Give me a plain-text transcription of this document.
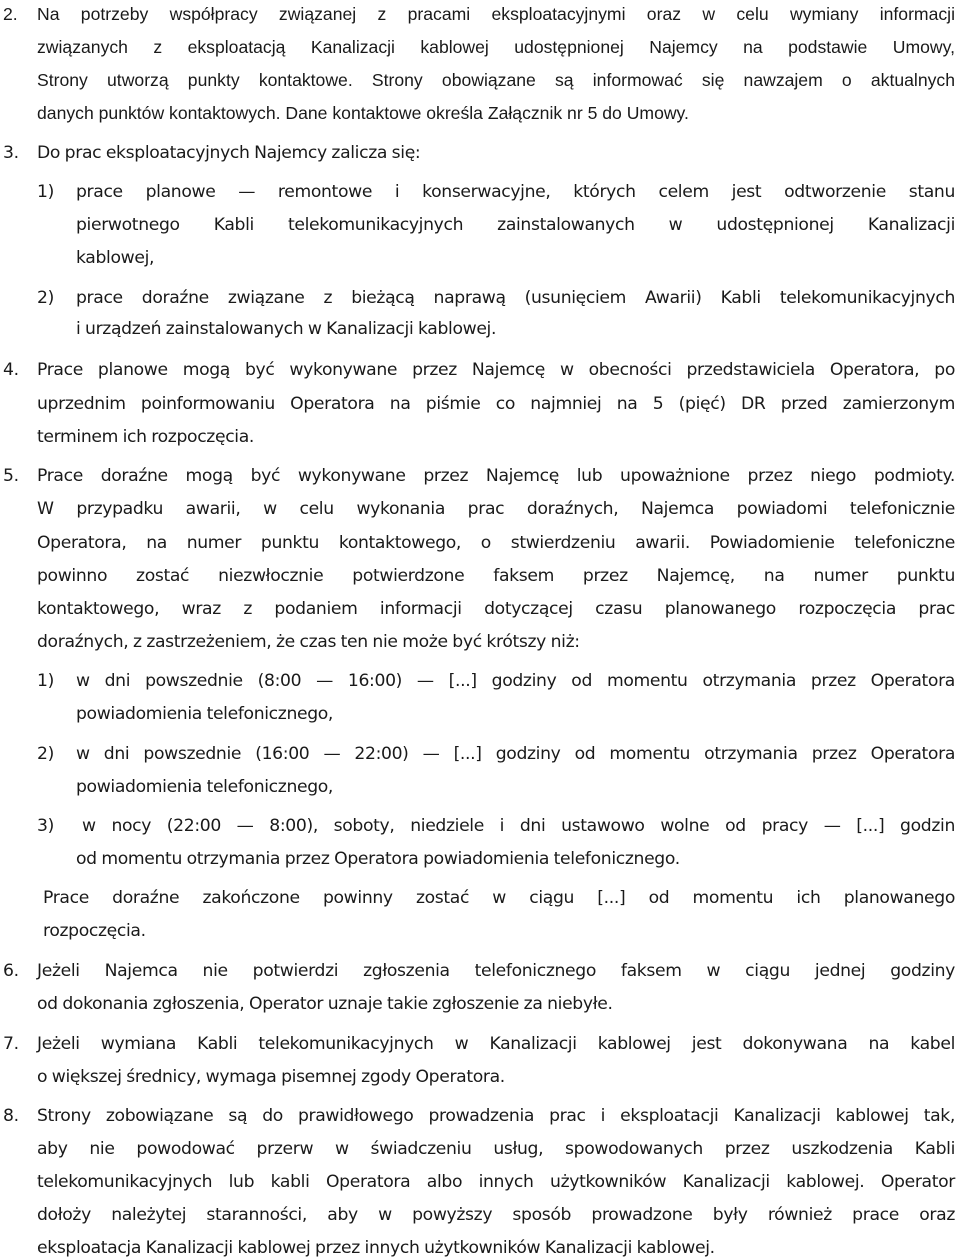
2. Na potrzeby współpracy związanej z pracami eksploatacyjnymi oraz w celu wymiany informacji
związanych z eksploatacją Kanalizacji kablowej udostępnionej Najemcy na podstawie Umowy,
Strony utworzą punkty kontaktowe. Strony obowiązane są informować się nawzajem o aktualnych
danych punktów kontaktowych. Dane kontaktowe określa Załącznik nr 5 do Umowy.
3. Do prac eksploatacyjnych Najemcy zalicza się:
1) prace planowe — remontowe i konserwacyjne, których celem jest odtworzenie stanu
pierwotnego Kabli telekomunikacyjnych zainstalowanych w udostępnionej Kanalizacji
kablowej,
2) prace doraźne związane z bieżącą naprawą (usunięciem Awarii) Kabli telekomunikacyjnych
i urządzeń zainstalowanych w Kanalizacji kablowej.
4. Prace planowe mogą być wykonywane przez Najemcę w obecności przedstawiciela Operatora, po
uprzednim poinformowaniu Operatora na piśmie co najmniej na 5 (pięć) DR przed zamierzonym
terminem ich rozpoczęcia.
5. Prace doraźne mogą być wykonywane przez Najemcę lub upoważnione przez niego podmioty.
W przypadku awarii, w celu wykonania prac doraźnych, Najemca powiadomi telefonicznie
Operatora, na numer punktu kontaktowego, o stwierdzeniu awarii. Powiadomienie telefoniczne
powinno zostać niezwłocznie potwierdzone faksem przez Najemcę, na numer punktu
kontaktowego, wraz z podaniem informacji dotyczącej czasu planowanego rozpoczęcia prac
doraźnych, z zastrzeżeniem, że czas ten nie może być krótszy niż:
1) w dni powszednie (8:00 — 16:00) — [...] godziny od momentu otrzymania przez Operatora
powiadomienia telefonicznego,
2) w dni powszednie (16:00 — 22:00) — [...] godziny od momentu otrzymania przez Operatora
powiadomienia telefonicznego,
3) w nocy (22:00 — 8:00), soboty, niedziele i dni ustawowo wolne od pracy — [...] godzin
od momentu otrzymania przez Operatora powiadomienia telefonicznego.
Prace doraźne zakończone powinny zostać w ciągu [...] od momentu ich planowanego
rozpoczęcia.
6. Jeżeli Najemca nie potwierdzi zgłoszenia telefonicznego faksem w ciągu jednej godziny
od dokonania zgłoszenia, Operator uznaje takie zgłoszenie za niebyłe.
7. Jeżeli wymiana Kabli telekomunikacyjnych w Kanalizacji kablowej jest dokonywana na kabel
o większej średnicy, wymaga pisemnej zgody Operatora.
8. Strony zobowiązane są do prawidłowego prowadzenia prac i eksploatacji Kanalizacji kablowej tak,
aby nie powodować przerw w świadczeniu usług, spowodowanych przez uszkodzenia Kabli
telekomunikacyjnych lub kabli Operatora albo innych użytkowników Kanalizacji kablowej. Operator
dołoży należytej staranności, aby w powyższy sposób prowadzone były również prace oraz
eksploatacja Kanalizacji kablowej przez innych użytkowników Kanalizacji kablowej.
